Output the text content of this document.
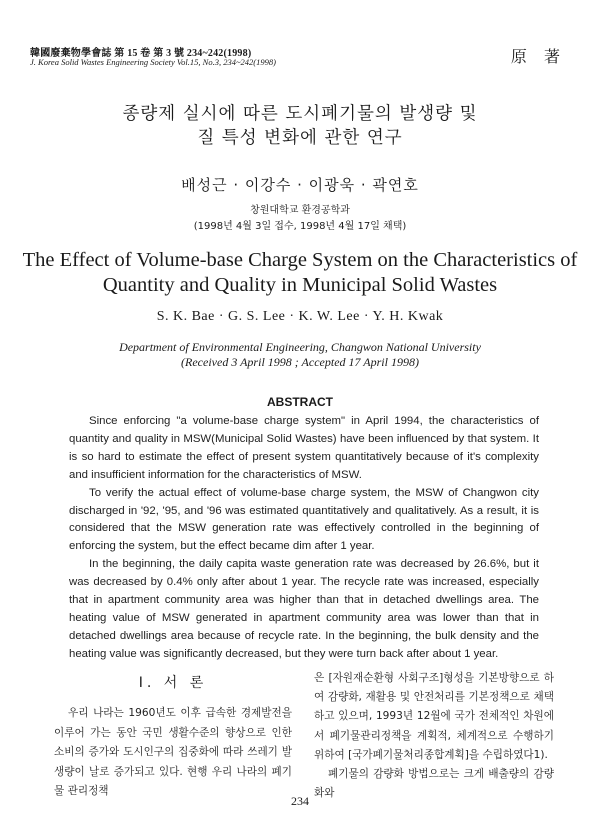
韓國廢棄物學會誌 第 15 卷 第 3 號 234~242(1998)
J. Korea Solid Wastes Engineering Society Vol.15, No.3, 234~242(1998)	原 著
종량제 실시에 따른 도시폐기물의 발생량 및
질 특성 변화에 관한 연구
배성근 · 이강수 · 이광욱 · 곽연호
창원대학교 환경공학과
(1998년 4월 3일 접수, 1998년 4월 17일 채택)
The Effect of Volume-base Charge System on the Characteristics of
Quantity and Quality in Municipal Solid Wastes
S. K. Bae · G. S. Lee · K. W. Lee · Y. H. Kwak
Department of Environmental Engineering, Changwon National University
(Received 3 April 1998 ; Accepted 17 April 1998)
ABSTRACT

Since enforcing "a volume-base charge system" in April 1994, the characteristics of quantity and quality in MSW(Municipal Solid Wastes) have been influenced by that system. It is so hard to estimate the effect of present system quantitatively because of it's complexity and insufficient information for the characteristics of MSW.

To verify the actual effect of volume-base charge system, the MSW of Changwon city discharged in '92, '95, and '96 was estimated quantitatively and qualitatively. As a result, it is considered that the MSW generation rate was effectively controlled in the beginning of enforcing the system, but the effect became dim after 1 year.

In the beginning, the daily capita waste generation rate was decreased by 26.6%, but it was decreased by 0.4% only after about 1 year. The recycle rate was increased, especially that in apartment community area was higher than that in detached dwellings area. The heating value of MSW generated in apartment community area was lower than that in detached dwellings area because of recycle rate. In the beginning, the bulk density and the heating value was significantly decreased, but they were turn back after about 1 year.

Ⅰ. 서 론

우리 나라는 1960년도 이후 급속한 경제발전을 이루어 가는 동안 국민 생활수준의 향상으로 인한 소비의 증가와 도시인구의 집중화에 따라 쓰레기 발생량이 날로 증가되고 있다. 현행 우리 나라의 폐기물 관리정책

은 [자원재순환형 사회구조]형성을 기본방향으로 하여 감량화, 재활용 및 안전처리를 기본정책으로 채택하고 있으며, 1993년 12월에 국가 전체적인 차원에서 폐기물관리정책을 계획적, 체계적으로 수행하기 위하여 [국가폐기물처리종합계획]을 수립하였다1).

폐기물의 감량화 방법으로는 크게 배출량의 감량화와

234
